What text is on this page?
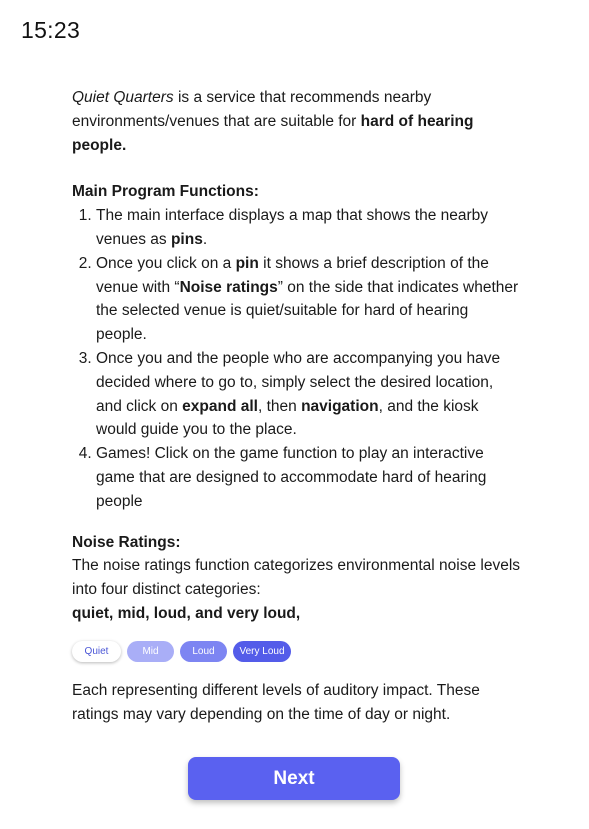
15:23

Quiet Quarters is a service that recommends nearby environments/venues that are suitable for hard of hearing people.

Main Program Functions:

1. The main interface displays a map that shows the nearby venues as pins.
2. Once you click on a pin it shows a brief description of the venue with “Noise ratings” on the side that indicates whether the selected venue is quiet/suitable for hard of hearing people.
3. Once you and the people who are accompanying you have decided where to go to, simply select the desired location, and click on expand all, then navigation, and the kiosk would guide you to the place.
4. Games! Click on the game function to play an interactive game that are designed to accommodate hard of hearing people

Noise Ratings:

The noise ratings function categorizes environmental noise levels into four distinct categories:

quiet, mid, loud, and very loud,

Quiet	Mid	Loud	Very Loud

Each representing different levels of auditory impact. These ratings may vary depending on the time of day or night.

Next
